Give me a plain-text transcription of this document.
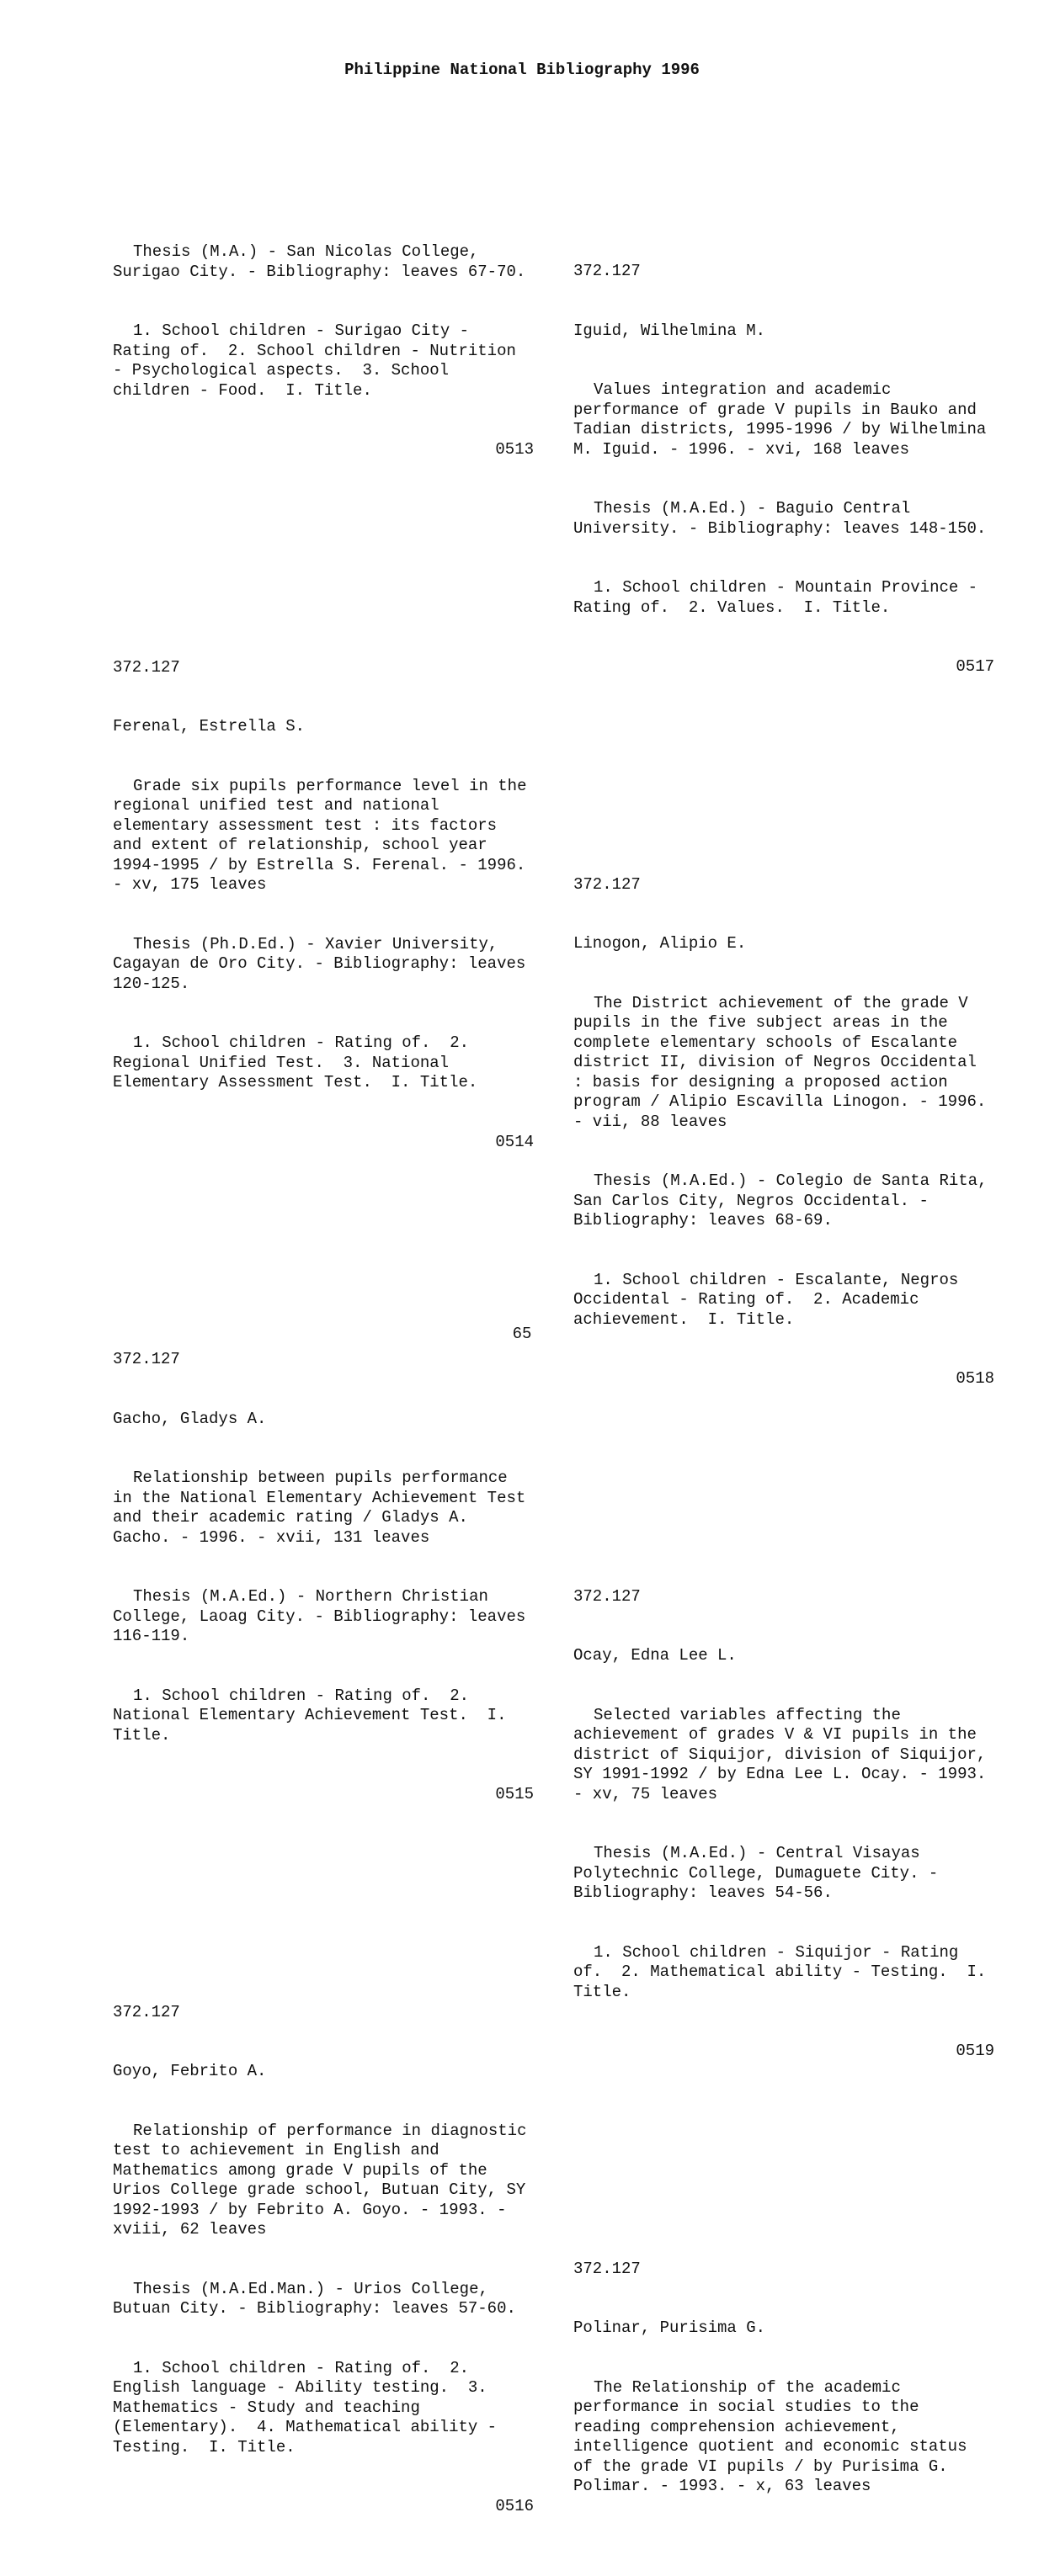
Philippine National Bibliography 1996

Thesis (M.A.) - San Nicolas College, Surigao City. - Bibliography: leaves 67-70.

1. School children - Surigao City - Rating of.  2. School children - Nutrition - Psychological aspects.  3. School children - Food.  I. Title.

0513

372.127

Ferenal, Estrella S.

Grade six pupils performance level in the regional unified test and national elementary assessment test : its factors and extent of relationship, school year 1994-1995 / by Estrella S. Ferenal. - 1996. - xv, 175 leaves

Thesis (Ph.D.Ed.) - Xavier University, Cagayan de Oro City. - Bibliography: leaves 120-125.

1. School children - Rating of.  2. Regional Unified Test.  3. National Elementary Assessment Test.  I. Title.

0514

372.127

Gacho, Gladys A.

Relationship between pupils performance in the National Elementary Achievement Test and their academic rating / Gladys A. Gacho. - 1996. - xvii, 131 leaves

Thesis (M.A.Ed.) - Northern Christian College, Laoag City. - Bibliography: leaves 116-119.

1. School children - Rating of.  2. National Elementary Achievement Test.  I. Title.

0515

372.127

Goyo, Febrito A.

Relationship of performance in diagnostic test to achievement in English and Mathematics among grade V pupils of the Urios College grade school, Butuan City, SY 1992-1993 / by Febrito A. Goyo. - 1993. - xviii, 62 leaves

Thesis (M.A.Ed.Man.) - Urios College, Butuan City. - Bibliography: leaves 57-60.

1. School children - Rating of.  2. English language - Ability testing.  3. Mathematics - Study and teaching (Elementary).  4. Mathematical ability - Testing.  I. Title.

0516

372.127

Iguid, Wilhelmina M.

Values integration and academic performance of grade V pupils in Bauko and Tadian districts, 1995-1996 / by Wilhelmina M. Iguid. - 1996. - xvi, 168 leaves

Thesis (M.A.Ed.) - Baguio Central University. - Bibliography: leaves 148-150.

1. School children - Mountain Province - Rating of.  2. Values.  I. Title.

0517

372.127

Linogon, Alipio E.

The District achievement of the grade V pupils in the five subject areas in the complete elementary schools of Escalante district II, division of Negros Occidental : basis for designing a proposed action program / Alipio Escavilla Linogon. - 1996. - vii, 88 leaves

Thesis (M.A.Ed.) - Colegio de Santa Rita, San Carlos City, Negros Occidental. - Bibliography: leaves 68-69.

1. School children - Escalante, Negros Occidental - Rating of.  2. Academic achievement.  I. Title.

0518

372.127

Ocay, Edna Lee L.

Selected variables affecting the achievement of grades V & VI pupils in the district of Siquijor, division of Siquijor, SY 1991-1992 / by Edna Lee L. Ocay. - 1993. - xv, 75 leaves

Thesis (M.A.Ed.) - Central Visayas Polytechnic College, Dumaguete City. - Bibliography: leaves 54-56.

1. School children - Siquijor - Rating of.  2. Mathematical ability - Testing.  I. Title.

0519

372.127

Polinar, Purisima G.

The Relationship of the academic performance in social studies to the reading comprehension achievement, intelligence quotient and economic status of the grade VI pupils / by Purisima G. Polimar. - 1993. - x, 63 leaves

65
